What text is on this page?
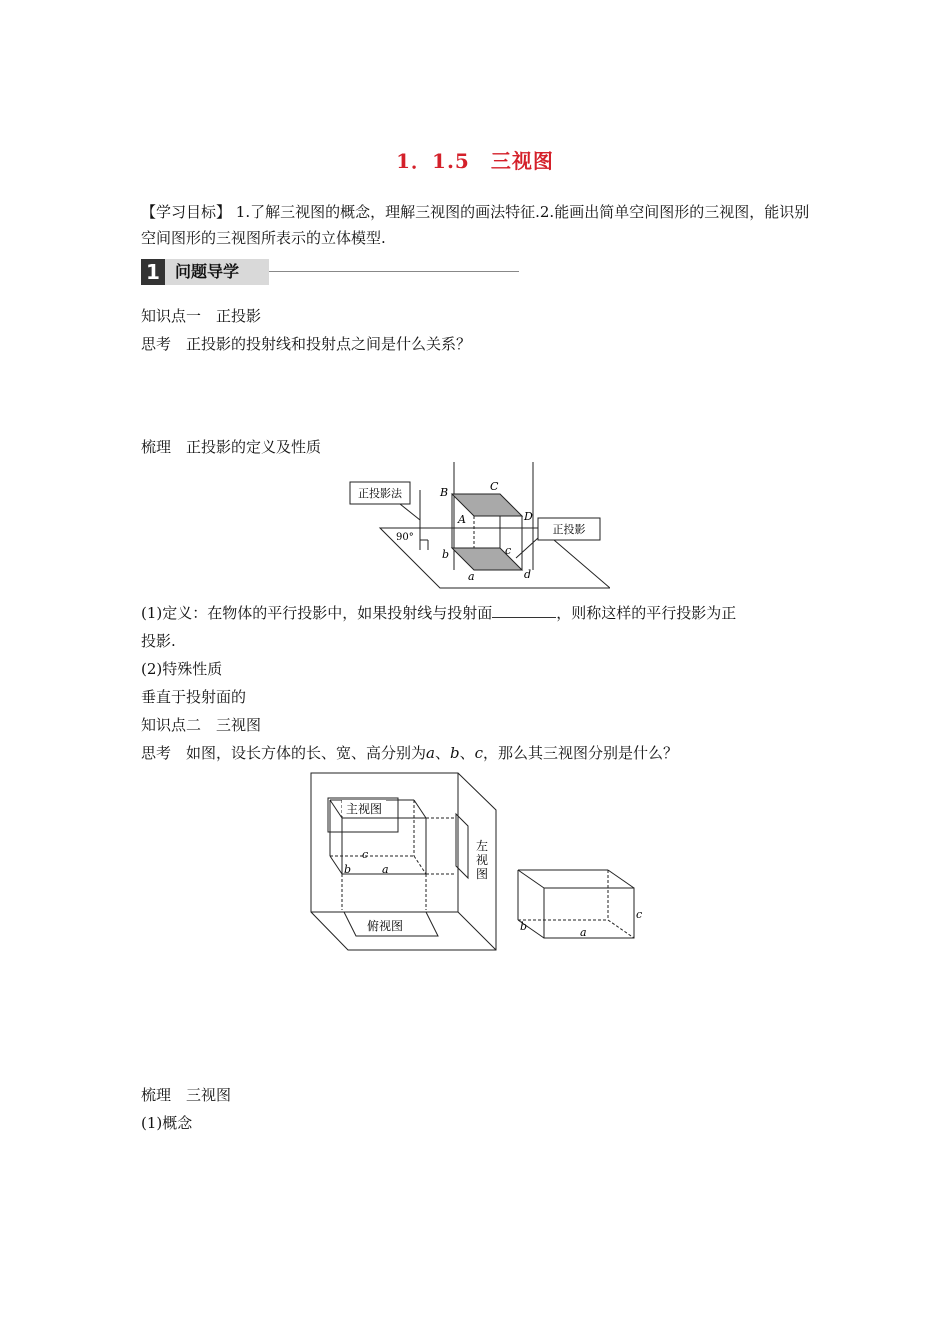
1．1.5　三视图
【学习目标】 1.了解三视图的概念，理解三视图的画法特征.2.能画出简单空间图形的三视图，能识别空间图形的三视图所表示的立体模型.
1 问题导学
知识点一　正投影
思考　正投影的投射线和投射点之间是什么关系？
梳理　正投影的定义及性质
正投影法
正投影
90°
B	C
A	D
b	c
a	d
(1)定义：在物体的平行投影中，如果投射线与投射面	，则称这样的平行投影为正
投影.
(2)特殊性质
垂直于投射面的
知识点二　三视图
思考　如图，设长方体的长、宽、高分别为a、b、c，那么其三视图分别是什么？
主视图
俯视图
左
视
图
c
b	a
b	a
c
梳理　三视图
(1)概念
